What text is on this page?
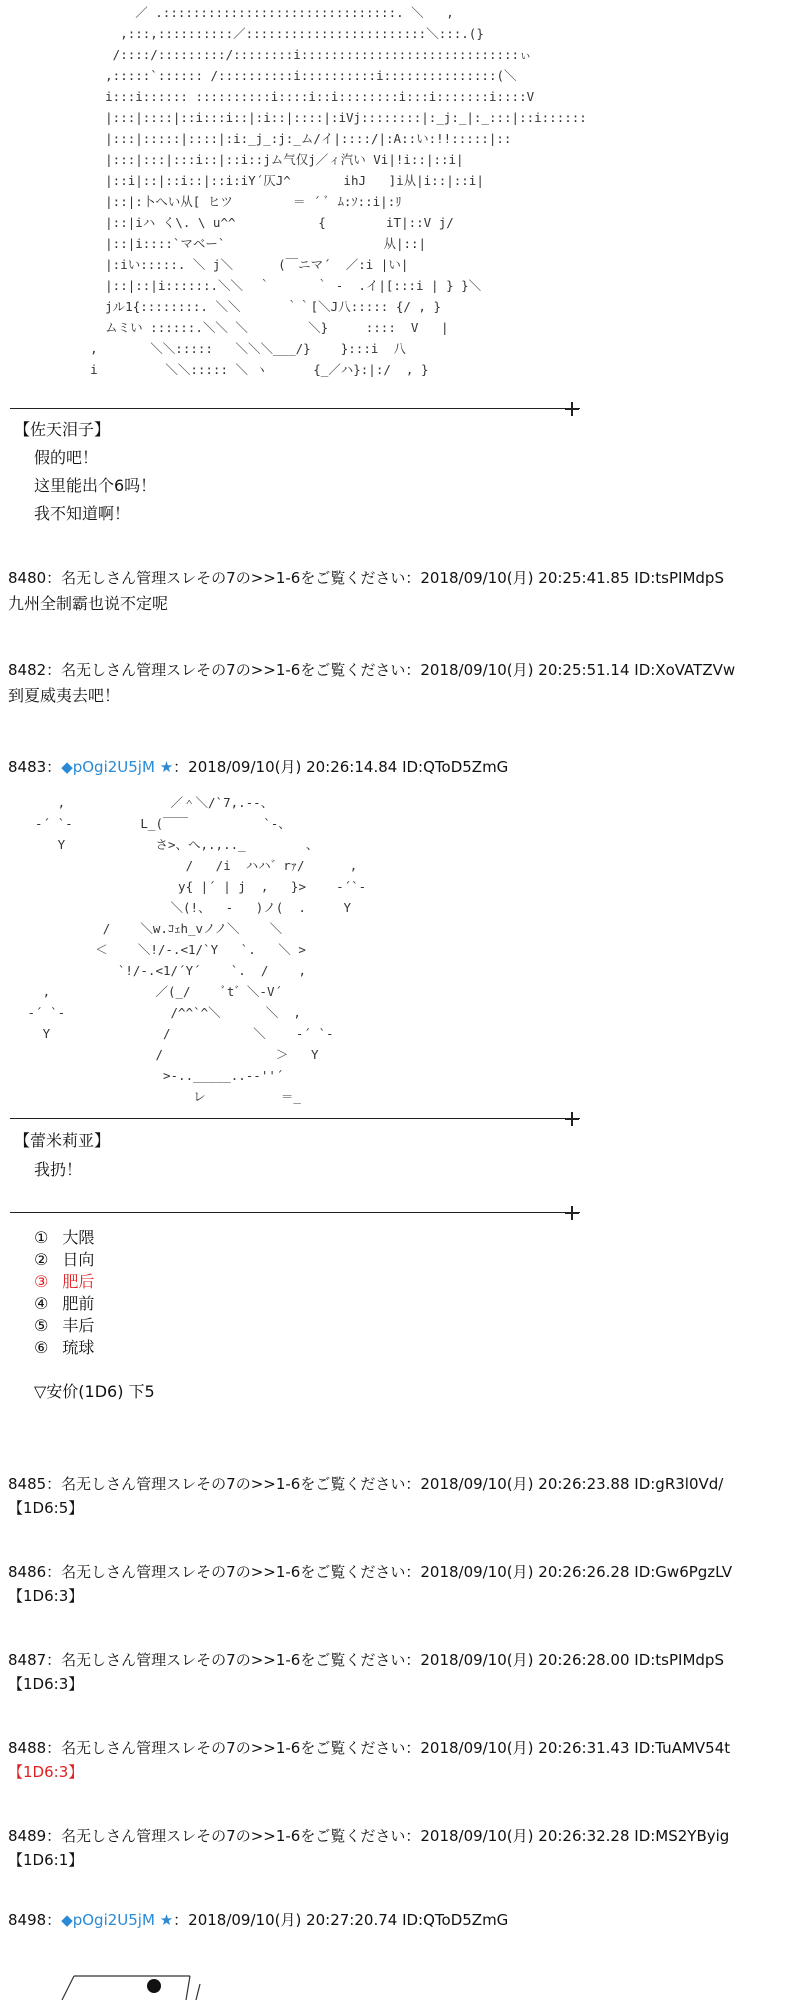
／ .:::::::::::::::::::::::::::::::. ＼   ,
,:::,::::::::::／::::::::::::::::::::::::＼:::.(}
/::::/:::::::::/::::::::i:::::::::::::::::::::::::::::ぃ
,:::::`:::::: /::::::::::i::::::::::i:::::::::::::::(＼
i:::i:::::: ::::::::::i::::i::i::::::::i:::i:::::::i::::V
|:::|::::|::i:::i::|:i::|::::|:iVj::::::::|:_j:_|:_:::|::i::::::
|:::|:::::|::::|:i:_j_:j:_ム/イ|::::/|:A::い:!!:::::|::
|:::|:::|:::i::|::i::jム气仅j／ィ汽い Vi|!i::|::i|
|::i|::|::i::|::i:iY´仄J^       ihJ   ]i从|i::|::i|
|::|:卜へい从[ ヒツ        ＝ ´ ﾞ ﾑ:ｿ::i|:ﾘ
|::|iハ く\. \ u^^           {        iT|::V j/
|::|i::::`マベー`                     从|::|
|:iい:::::. ＼ j＼      (￣ニマ´  ／:i |い|
|::|::|i::::::.＼＼  ｀      ｀ ‐  .イ|[:::i | } }＼
jル1{::::::::. ＼＼      ｀｀[＼J八::::: {/ , }
ムミい ::::::.＼＼ ＼        ＼}     ::::  V   |
,       ＼＼:::::   ＼＼＼___/}    }:::i  八
i         ＼＼::::: ＼ ヽ      {_／ハ}:|:/  , }
【佐天泪子】
假的吧！
这里能出个6吗！
我不知道啊！
8480：名无しさん管理スレその7の>>1-6をご覧ください：2018/09/10(月) 20:25:41.85 ID:tsPIMdpS
九州全制霸也说不定呢
8482：名无しさん管理スレその7の>>1-6をご覧ください：2018/09/10(月) 20:25:51.14 ID:XoVATZVw
到夏威夷去吧！
8483：◆pOgi2U5jM ★：2018/09/10(月) 20:26:14.84 ID:QToD5ZmG
,              ／＾＼/`7,.--、
-´ `-         L_(￣￣          `-、
Y            さ>、へ,.,.._        、
/   /i  ハハ゛rｧ/      ,
y{ |´ | j  ,   }>    -´`-
＼(!、  -   )ノ(  .     Y
/    ＼w.ｺｪh_vノノ＼    ＼
＜    ＼!/-.<1/`Y   `.   ＼ >
`!/-.<1/´Y´    `.  /    ,
,              ／(_/    ﾞt゛＼-V´
-´ `-              /^^`^＼      ＼  ,
Y               /           ＼    -´ `-
/               ＞   Y
>-.._____..--''´
レ          ＝_
【蕾米莉亚】
我扔！
① 大隈
② 日向
③ 肥后
④ 肥前
⑤ 丰后
⑥ 琉球
▽安价(1D6) 下5
8485：名无しさん管理スレその7の>>1-6をご覧ください：2018/09/10(月) 20:26:23.88 ID:gR3l0Vd/
【1D6:5】
8486：名无しさん管理スレその7の>>1-6をご覧ください：2018/09/10(月) 20:26:26.28 ID:Gw6PgzLV
【1D6:3】
8487：名无しさん管理スレその7の>>1-6をご覧ください：2018/09/10(月) 20:26:28.00 ID:tsPIMdpS
【1D6:3】
8488：名无しさん管理スレその7の>>1-6をご覧ください：2018/09/10(月) 20:26:31.43 ID:TuAMV54t
【1D6:3】
8489：名无しさん管理スレその7の>>1-6をご覧ください：2018/09/10(月) 20:26:32.28 ID:MS2YByig
【1D6:1】
8498：◆pOgi2U5jM ★：2018/09/10(月) 20:27:20.74 ID:QToD5ZmG
